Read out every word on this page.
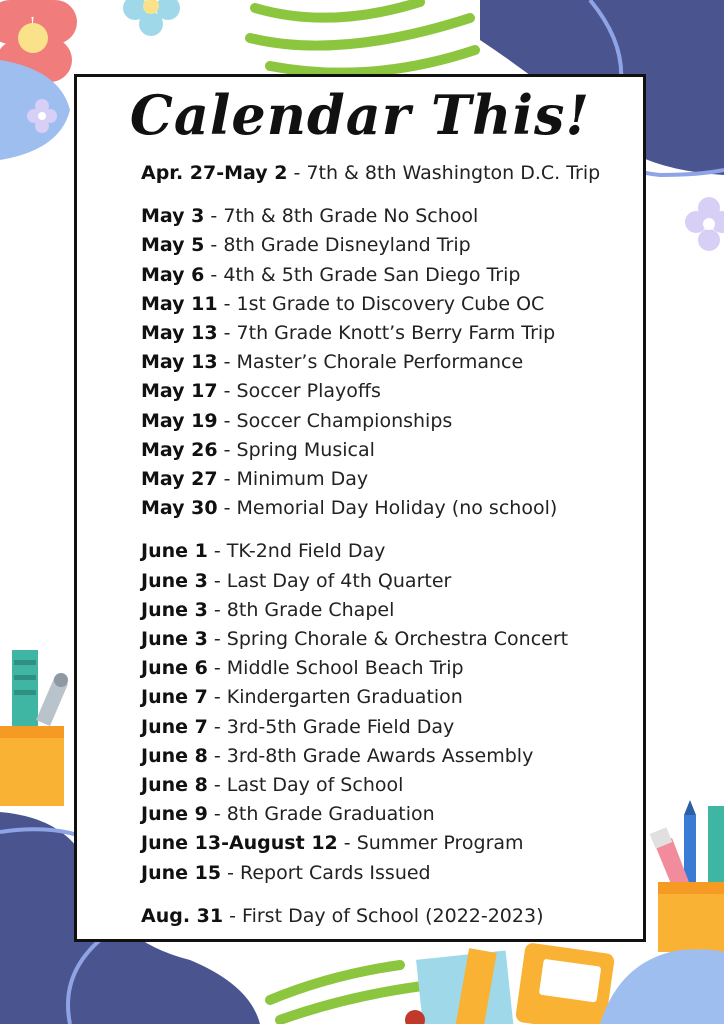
Calendar This!
Apr. 27-May 2 - 7th & 8th Washington D.C. Trip
May 3 - 7th & 8th Grade No School
May 5 - 8th Grade Disneyland Trip
May 6 - 4th & 5th Grade San Diego Trip
May 11 - 1st Grade to Discovery Cube OC
May 13 - 7th Grade Knott’s Berry Farm Trip
May 13 - Master’s Chorale Performance
May 17 - Soccer Playoffs
May 19 - Soccer Championships
May 26 - Spring Musical
May 27 - Minimum Day
May 30 - Memorial Day Holiday (no school)
June 1 - TK-2nd Field Day
June 3 - Last Day of 4th Quarter
June 3 - 8th Grade Chapel
June 3 - Spring Chorale & Orchestra Concert
June 6 - Middle School Beach Trip
June 7 - Kindergarten Graduation
June 7 - 3rd-5th Grade Field Day
June 8 - 3rd-8th Grade Awards Assembly
June 8 - Last Day of School
June 9 - 8th Grade Graduation
June 13-August 12 - Summer Program
June 15 - Report Cards Issued
Aug. 31 - First Day of School (2022-2023)
